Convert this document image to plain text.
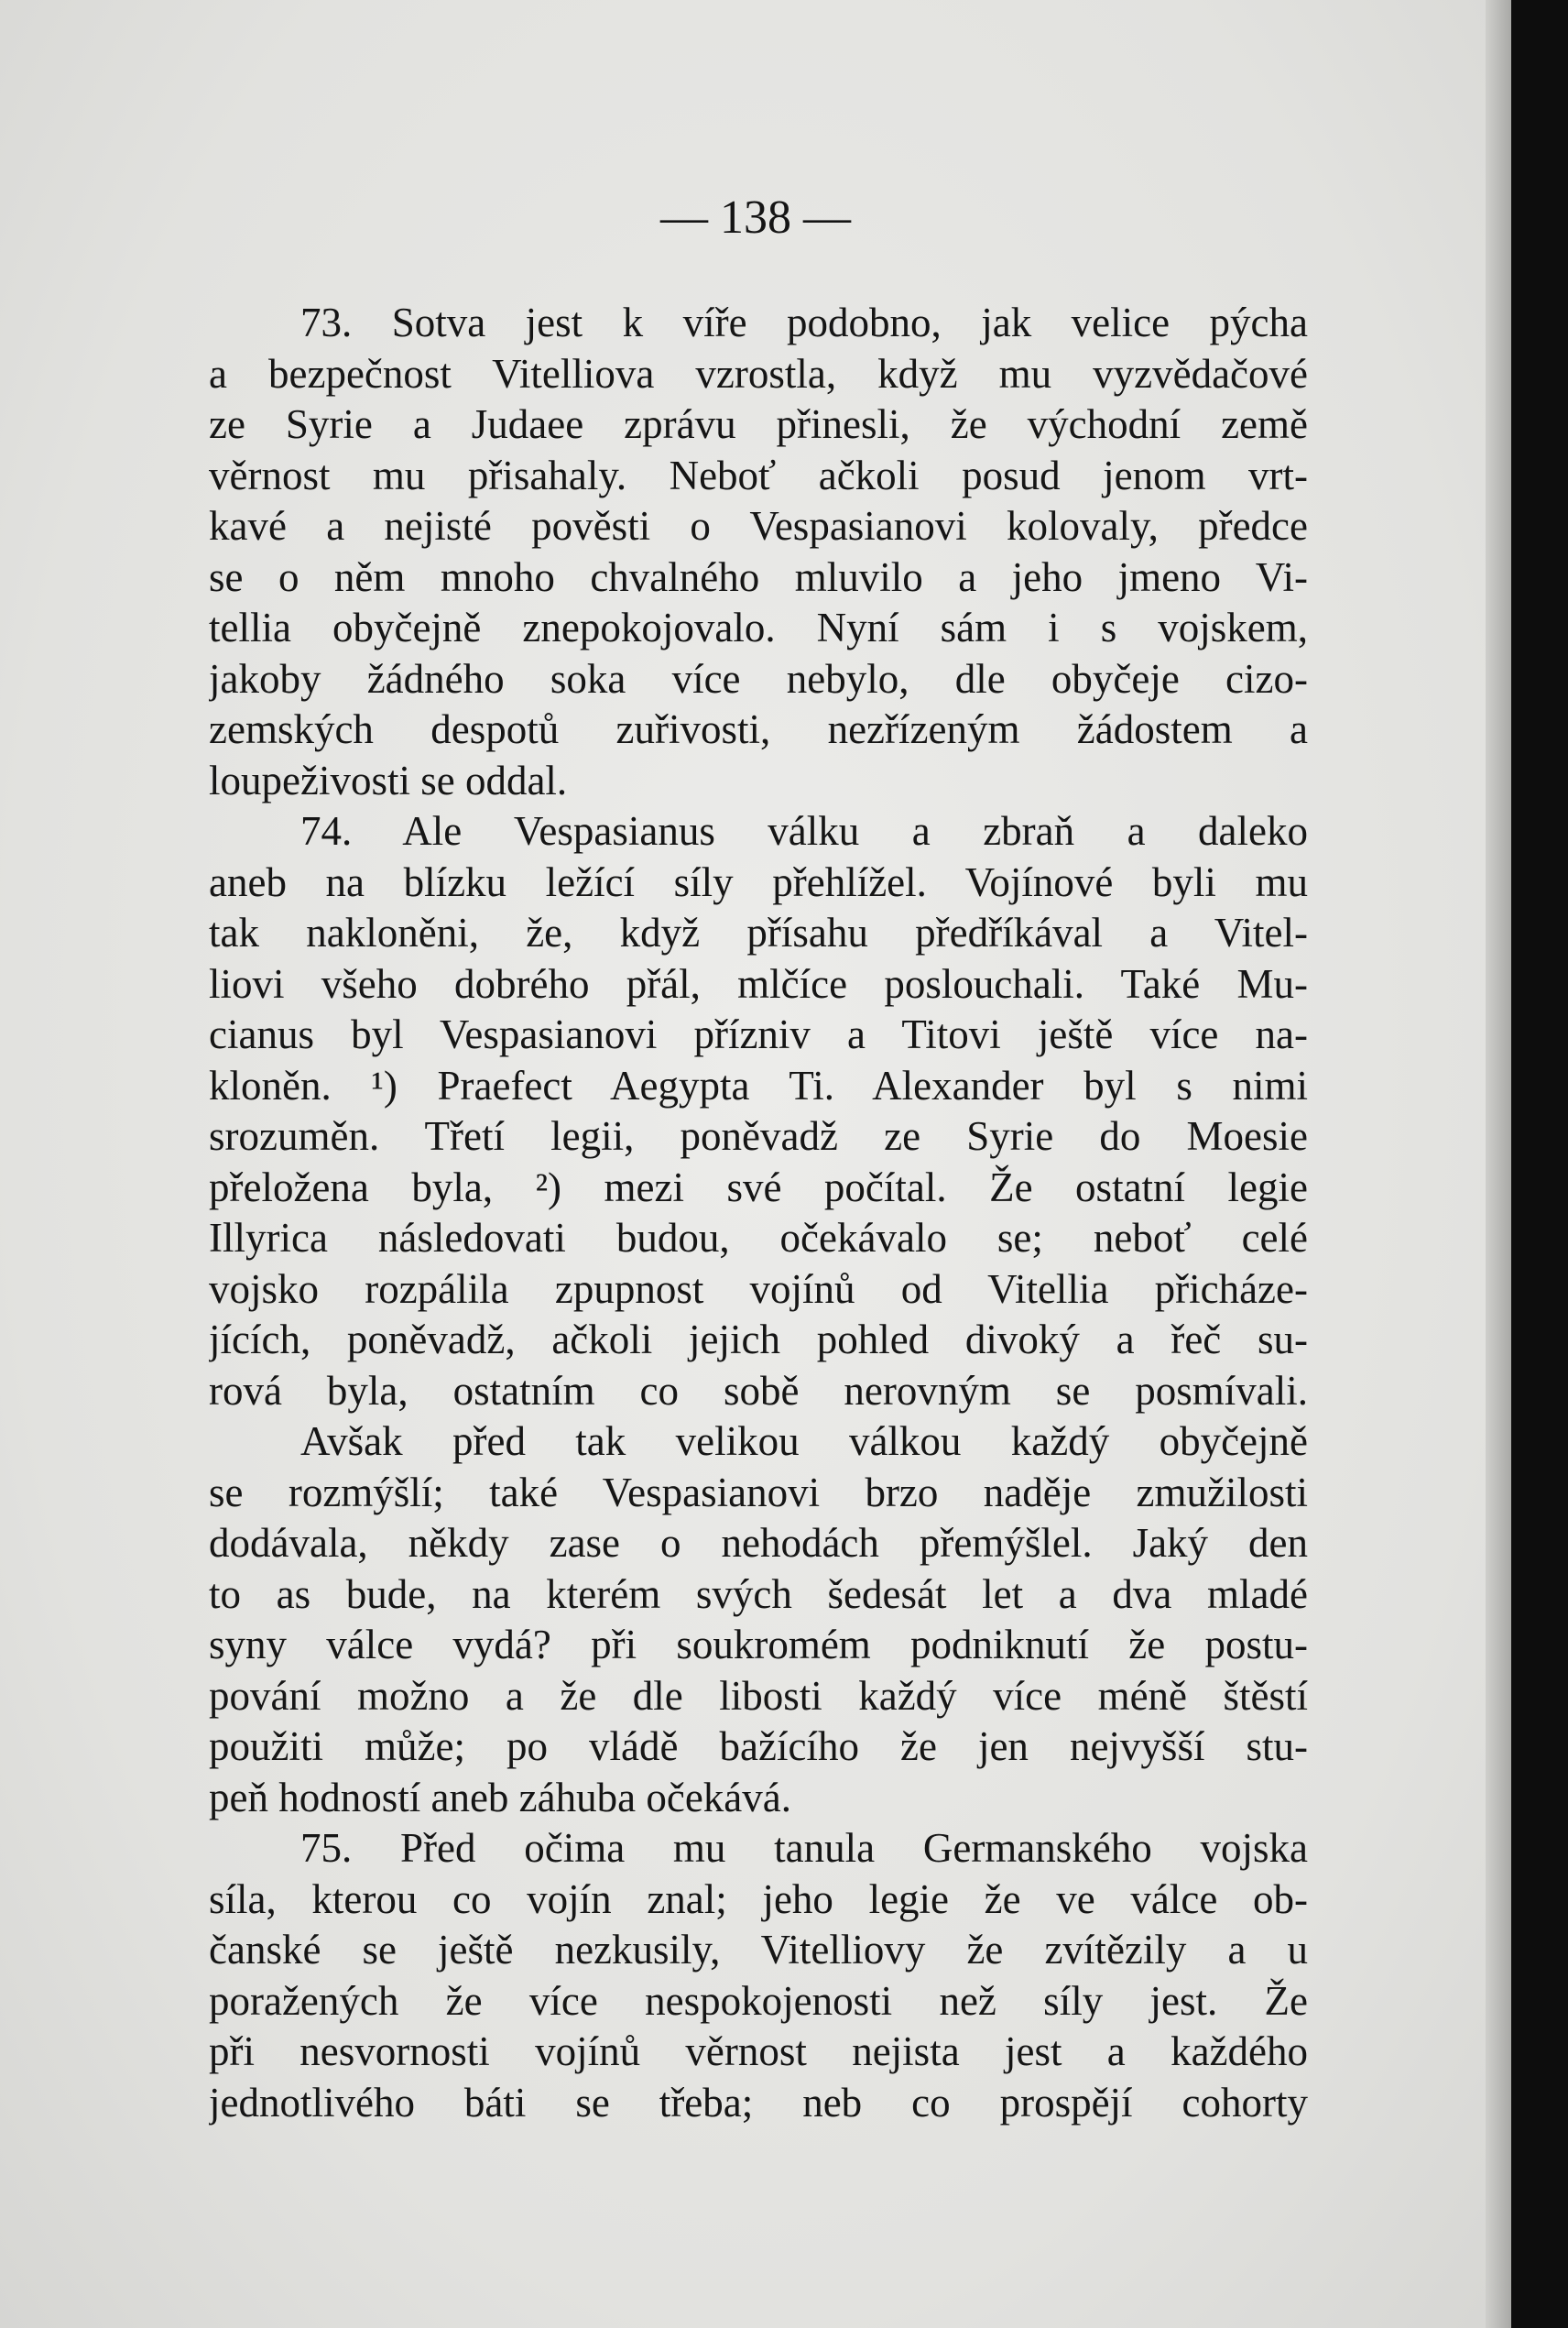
— 138 —
73. Sotva jest k víře podobno, jak velice pýcha
a bezpečnost Vitelliova vzrostla, když mu vyzvědačové
ze Syrie a Judaee zprávu přinesli, že východní země
věrnost mu přisahaly. Neboť ačkoli posud jenom vrt-
kavé a nejisté pověsti o Vespasianovi kolovaly, předce
se o něm mnoho chvalného mluvilo a jeho jmeno Vi-
tellia obyčejně znepokojovalo. Nyní sám i s vojskem,
jakoby žádného soka více nebylo, dle obyčeje cizo-
zemských despotů zuřivosti, nezřízeným žádostem a
loupeživosti se oddal.
74. Ale Vespasianus válku a zbraň a daleko
aneb na blízku ležící síly přehlížel. Vojínové byli mu
tak nakloněni, že, když přísahu předříkával a Vitel-
liovi všeho dobrého přál, mlčíce poslouchali. Také Mu-
cianus byl Vespasianovi přízniv a Titovi ještě více na-
kloněn. ¹) Praefect Aegypta Ti. Alexander byl s nimi
srozuměn. Třetí legii, poněvadž ze Syrie do Moesie
přeložena byla, ²) mezi své počítal. Že ostatní legie
Illyrica následovati budou, očekávalo se; neboť celé
vojsko rozpálila zpupnost vojínů od Vitellia přicháze-
jících, poněvadž, ačkoli jejich pohled divoký a řeč su-
rová byla, ostatním co sobě nerovným se posmívali.
Avšak před tak velikou válkou každý obyčejně
se rozmýšlí; také Vespasianovi brzo naděje zmužilosti
dodávala, někdy zase o nehodách přemýšlel. Jaký den
to as bude, na kterém svých šedesát let a dva mladé
syny válce vydá? při soukromém podniknutí že postu-
pování možno a že dle libosti každý více méně štěstí
použiti může; po vládě bažícího že jen nejvyšší stu-
peň hodností aneb záhuba očekává.
75. Před očima mu tanula Germanského vojska
síla, kterou co vojín znal; jeho legie že ve válce ob-
čanské se ještě nezkusily, Vitelliovy že zvítězily a u
poražených že více nespokojenosti než síly jest. Že
při nesvornosti vojínů věrnost nejista jest a každého
jednotlivého báti se třeba; neb co prospějí cohorty
